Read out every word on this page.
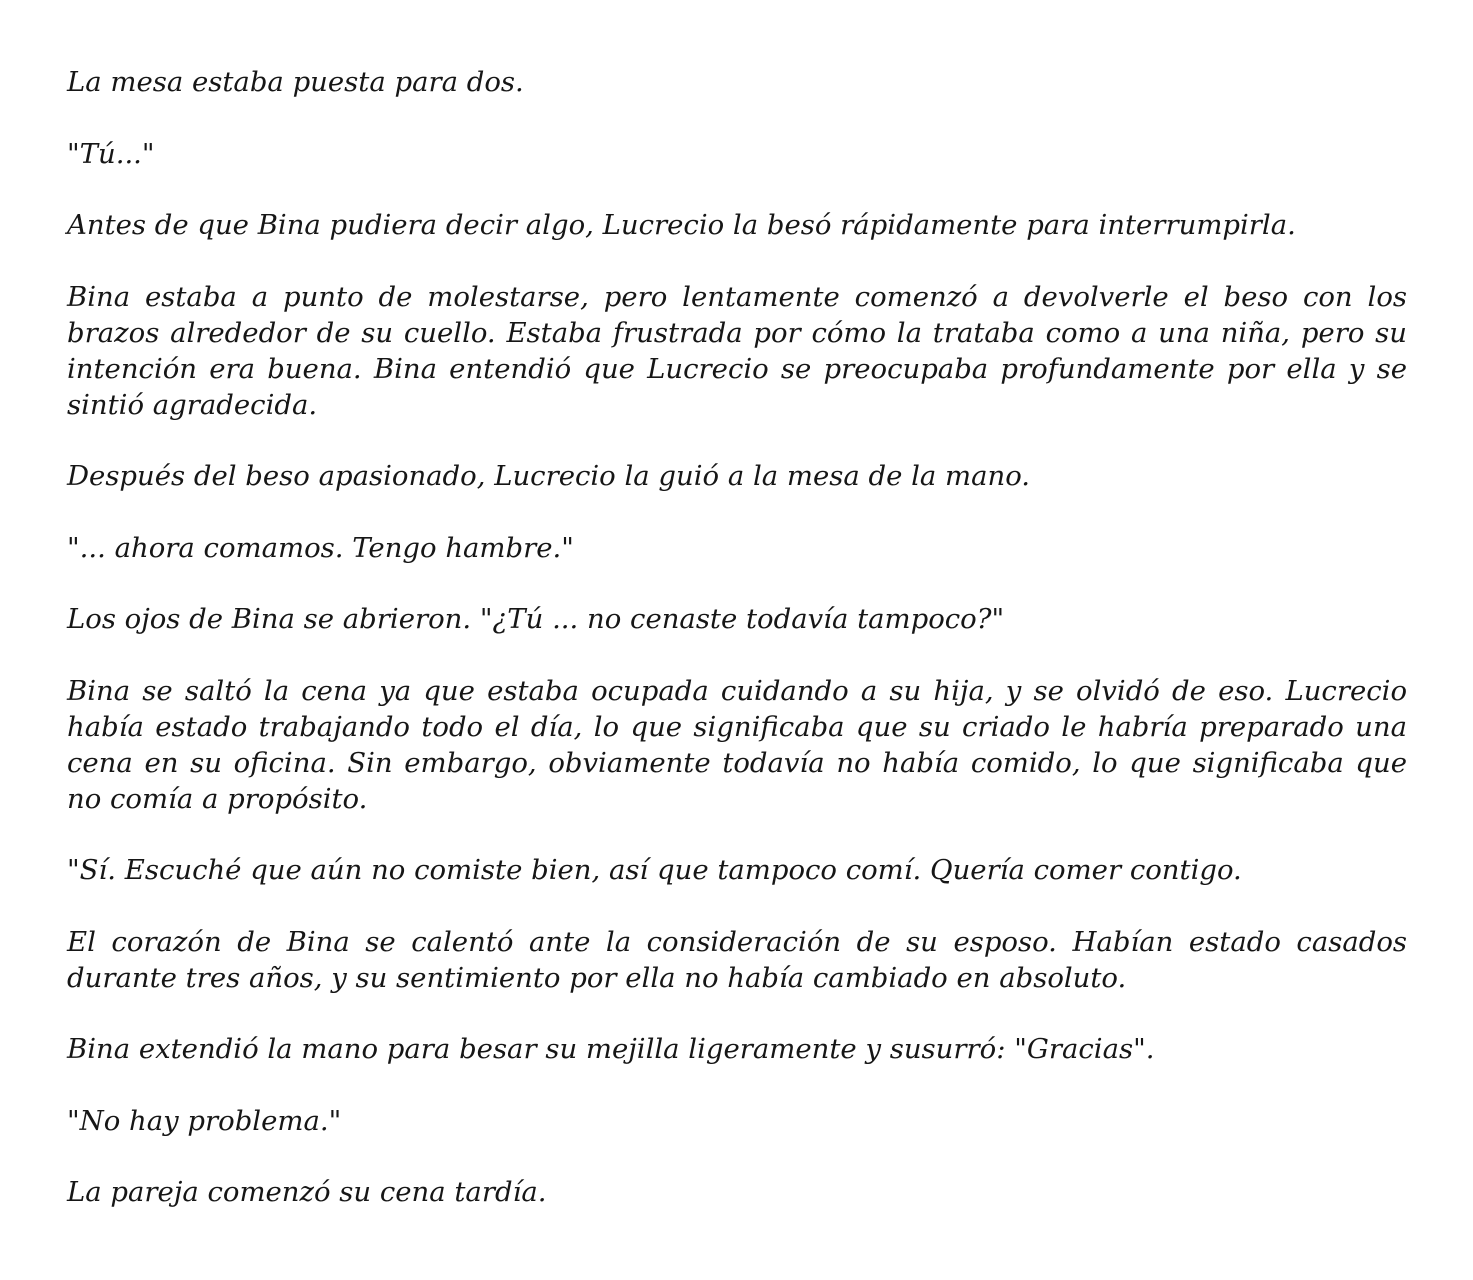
La mesa estaba puesta para dos.

"Tú..."

Antes de que Bina pudiera decir algo, Lucrecio la besó rápidamente para interrumpirla.

Bina estaba a punto de molestarse, pero lentamente comenzó a devolverle el beso con los brazos alrededor de su cuello. Estaba frustrada por cómo la trataba como a una niña, pero su intención era buena. Bina entendió que Lucrecio se preocupaba profundamente por ella y se sintió agradecida.

Después del beso apasionado, Lucrecio la guió a la mesa de la mano.

"... ahora comamos. Tengo hambre."

Los ojos de Bina se abrieron. "¿Tú ... no cenaste todavía tampoco?"

Bina se saltó la cena ya que estaba ocupada cuidando a su hija, y se olvidó de eso. Lucrecio había estado trabajando todo el día, lo que significaba que su criado le habría preparado una cena en su oficina. Sin embargo, obviamente todavía no había comido, lo que significaba que no comía a propósito.

"Sí. Escuché que aún no comiste bien, así que tampoco comí. Quería comer contigo.

El corazón de Bina se calentó ante la consideración de su esposo. Habían estado casados durante tres años, y su sentimiento por ella no había cambiado en absoluto.

Bina extendió la mano para besar su mejilla ligeramente y susurró: "Gracias".

"No hay problema."

La pareja comenzó su cena tardía.
